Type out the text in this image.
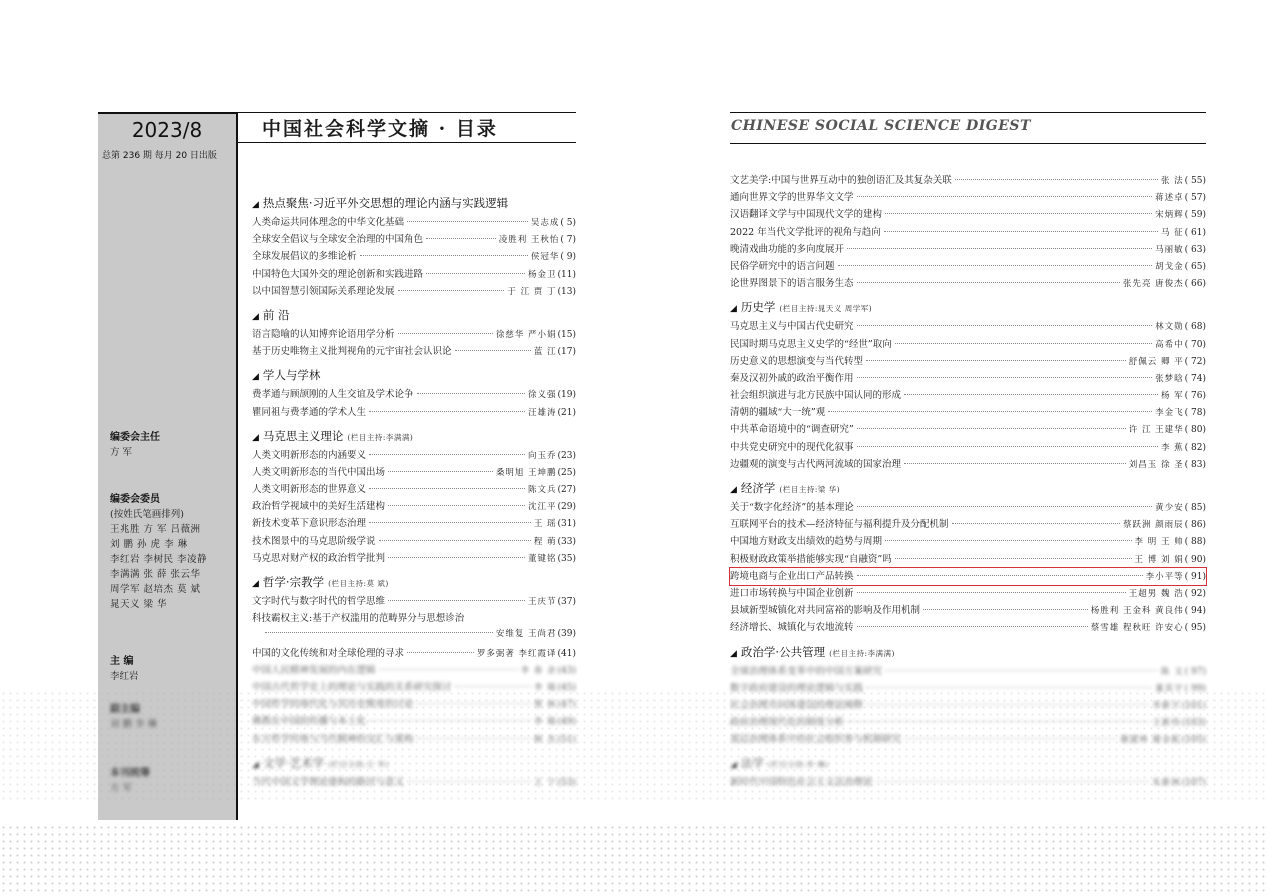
2023/8
总第 236 期 每月 20 日出版
编委会主任
方 军
编委会委员
(按姓氏笔画排列)
王兆胜 方 军 吕薇洲
刘 鹏 孙 虎 李 琳
李红岩 李树民 李凌静
李满满 张 薛 张云华
周学军 赵培杰 莫 斌
晁天义 梁 华
主 编
李红岩
副主编
刘 鹏 李 琳
本刊统筹
方 军
中国社会科学文摘 · 目录
◢ 热点聚焦·习近平外交思想的理论内涵与实践逻辑
人类命运共同体理念的中华文化基础	吴志成 ( 5)
全球安全倡议与全球安全治理的中国角色	凌胜利 王秋怡 ( 7)
全球发展倡议的多维论析	侯冠华 ( 9)
中国特色大国外交的理论创新和实践进路	杨金卫 (11)
以中国智慧引领国际关系理论发展	于 江 贾 丁 (13)
◢ 前 沿
语言隐喻的认知博弈论语用学分析	徐慈华 严小娟 (15)
基于历史唯物主义批判视角的元宇宙社会认识论	蓝 江 (17)
◢ 学人与学林
费孝通与顾颉刚的人生交谊及学术论争	徐义强 (19)
瞿同祖与费孝通的学术人生	汪雄涛 (21)
◢ 马克思主义理论 (栏目主持:李满满)
人类文明新形态的内涵要义	向玉乔 (23)
人类文明新形态的当代中国出场	桑明旭 王坤鹏 (25)
人类文明新形态的世界意义	陈文兵 (27)
政治哲学视域中的美好生活建构	沈江平 (29)
新技术变革下意识形态治理	王 瑶 (31)
技术图景中的马克思阶级学说	程 萌 (33)
马克思对财产权的政治哲学批判	董键铭 (35)
◢ 哲学·宗教学 (栏目主持:莫 斌)
文字时代与数字时代的哲学思维	王庆节 (37)
科技霸权主义:基于产权滥用的范畴界分与思想诊治
安维复 王尚君 (39)
中国的文化传统和对全球伦理的寻求	罗多弼著 李红霞译 (41)
中国人民精神发展的内在逻辑	李 春 余 (43)
中国古代哲学史上的理论与实践的关系研究探讨	李 瑞 (45)
中国哲学的现代化与其历史维度的讨论	蔡 林 (47)
佛教在中国的传播与本土化	李 瑞 (49)
东方哲学传统与当代精神的交汇与重构	韩 杰 (51)
◢ 文学·艺术学 (栏目主持:王 华)
当代中国文学理论建构的路径与意义	王 宁 (53)
CHINESE SOCIAL SCIENCE DIGEST
文艺美学:中国与世界互动中的独创语汇及其复杂关联	张 法 ( 55)
通向世界文学的世界华文文学	蒋述卓 ( 57)
汉语翻译文学与中国现代文学的建构	宋炳辉 ( 59)
2022 年当代文学批评的视角与趋向	马 征 ( 61)
晚清戏曲功能的多向度展开	马丽敏 ( 63)
民俗学研究中的语言问题	胡戈金 ( 65)
论世界图景下的语言服务生态	张先亮 唐俊杰 ( 66)
◢ 历史学 (栏目主持:晁天义 周学军)
马克思主义与中国古代史研究	林文勋 ( 68)
民国时期马克思主义史学的“经世”取向	高希中 ( 70)
历史意义的思想演变与当代转型	舒佩云 卿 平 ( 72)
秦及汉初外戚的政治平衡作用	张梦晗 ( 74)
社会组织演进与北方民族中国认同的形成	杨 军 ( 76)
清朝的疆域“大一统”观	李金飞 ( 78)
中共革命语境中的“调查研究”	许 江 王建华 ( 80)
中共党史研究中的现代化叙事	李 蕉 ( 82)
边疆观的演变与古代两河流域的国家治理	刘昌玉 徐 圣 ( 83)
◢ 经济学 (栏目主持:梁 华)
关于“数字化经济”的基本理论	黄少安 ( 85)
互联网平台的技术—经济特征与福利提升及分配机制	蔡跃洲 颜雨辰 ( 86)
中国地方财政支出绩效的趋势与周期	李 明 王 帅 ( 88)
积极财政政策举措能够实现“自融资”吗	王 博 刘 娟 ( 90)
跨境电商与企业出口产品转换	李小平等 ( 91)
进口市场转换与中国企业创新	王超男 魏 浩 ( 92)
县域新型城镇化对共同富裕的影响及作用机制	杨胜利 王金科 黄良伟 ( 94)
经济增长、城镇化与农地流转	蔡雪雄 程秋旺 许安心 ( 95)
◢ 政治学·公共管理 (栏目主持:李满满)
全球治理体系变革中的中国方案研究	陈 文 ( 97)
数字政府建设的理论逻辑与实践	董其宇 ( 99)
社会治理共同体建设的理论阐释	李新宇 (101)
政府治理现代化的制度分析	王新伟 (103)
基层治理体系中的社会组织参与机制研究	谢建林 谢金彪 (105)
◢ 法学 (栏目主持:李 琳)
新时代中国特色社会主义法治理论	朱新林 (107)
